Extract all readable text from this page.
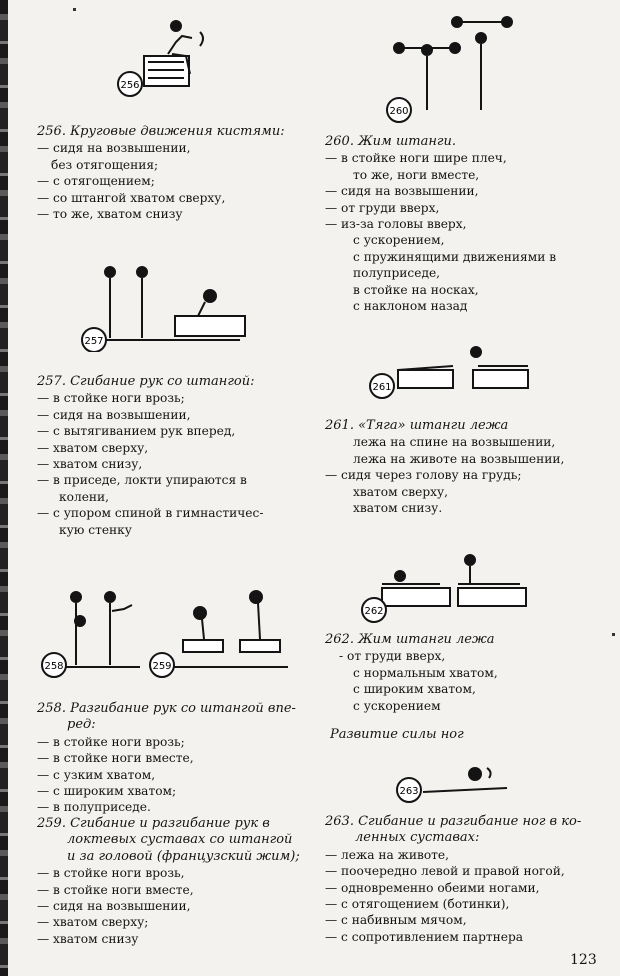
256
257
258	259
260
261
262
263
256. Круговые движения кистями:
— сидя на возвышении,
без отягощения;
— с отягощением;
— со штангой хватом сверху,
— то же, хватом снизу
257. Сгибание рук со штангой:
— в стойке ноги врозь;
— сидя на возвышении,
— с вытягиванием рук вперед,
— хватом сверху,
— хватом снизу,
— в приседе, локти упираются в
колени,
— с упором спиной в гимнастичес-
кую стенку
258. Разгибание рук со штангой впе-
ред:
— в стойке ноги врозь;
— в стойке ноги вместе,
— с узким хватом,
— с широким хватом;
— в полуприседе.
259. Сгибание и разгибание рук в
локтевых суставах со штангой
и за головой (французский жим);
— в стойке ноги врозь,
— в стойке ноги вместе,
— сидя на возвышении,
— хватом сверху;
— хватом снизу
260. Жим штанги.
— в стойке ноги шире плеч,
то же, ноги вместе,
— сидя на возвышении,
— от груди вверх,
— из-за головы вверх,
с ускорением,
с пружинящими движениями в
полуприседе,
в стойке на носках,
с наклоном назад
261. «Тяга» штанги лежа
лежа на спине на возвышении,
лежа на животе на возвышении,
— сидя через голову на грудь;
хватом сверху,
хватом снизу.
262. Жим штанги лежа
- от груди вверх,
с нормальным хватом,
с широким хватом,
с ускорением
Развитие силы ног
263. Сгибание и разгибание ног в ко-
ленных суставах:
— лежа на животе,
— поочередно левой и правой ногой,
— одновременно обеими ногами,
— с отягощением (ботинки),
— с набивным мячом,
— с сопротивлением партнера
123
